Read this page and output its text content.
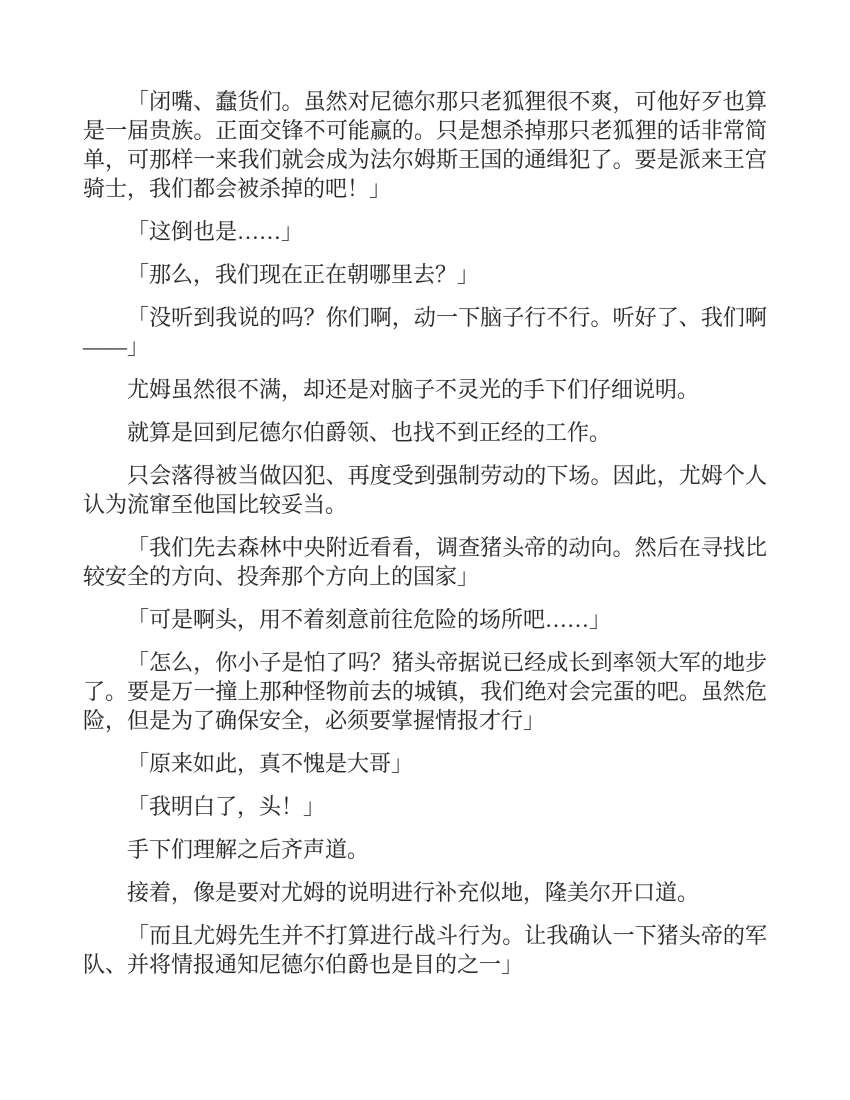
「闭嘴、蠢货们。虽然对尼德尔那只老狐狸很不爽，可他好歹也算是一届贵族。正面交锋不可能赢的。只是想杀掉那只老狐狸的话非常简单，可那样一来我们就会成为法尔姆斯王国的通缉犯了。要是派来王宫骑士，我们都会被杀掉的吧！」

「这倒也是……」

「那么，我们现在正在朝哪里去？」

「没听到我说的吗？你们啊，动一下脑子行不行。听好了、我们啊——」

尤姆虽然很不满，却还是对脑子不灵光的手下们仔细说明。

就算是回到尼德尔伯爵领、也找不到正经的工作。

只会落得被当做囚犯、再度受到强制劳动的下场。因此，尤姆个人认为流窜至他国比较妥当。

「我们先去森林中央附近看看，调查猪头帝的动向。然后在寻找比较安全的方向、投奔那个方向上的国家」

「可是啊头，用不着刻意前往危险的场所吧……」

「怎么，你小子是怕了吗？猪头帝据说已经成长到率领大军的地步了。要是万一撞上那种怪物前去的城镇，我们绝对会完蛋的吧。虽然危险，但是为了确保安全，必须要掌握情报才行」

「原来如此，真不愧是大哥」

「我明白了，头！」

手下们理解之后齐声道。

接着，像是要对尤姆的说明进行补充似地，隆美尔开口道。

「而且尤姆先生并不打算进行战斗行为。让我确认一下猪头帝的军队、并将情报通知尼德尔伯爵也是目的之一」
